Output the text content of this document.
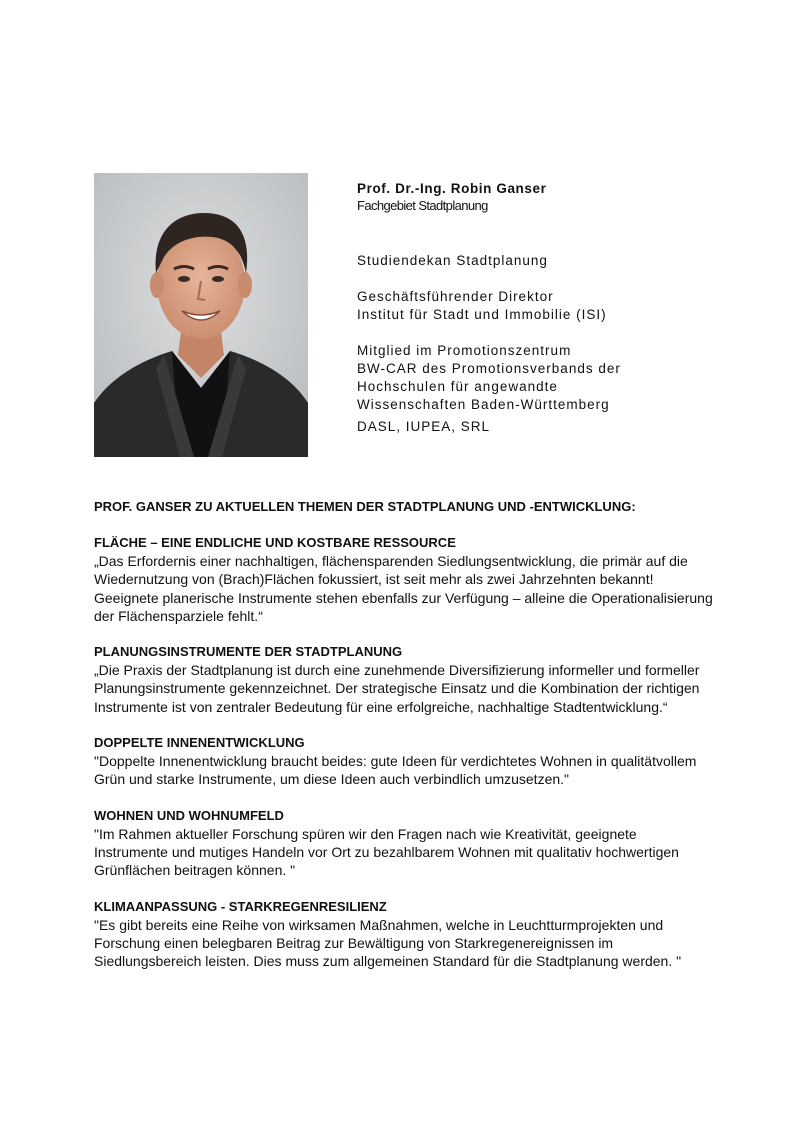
Prof. Dr.-Ing. Robin Ganser
Fachgebiet Stadtplanung
Studiendekan Stadtplanung
Geschäftsführender Direktor
Institut für Stadt und Immobilie (ISI)
Mitglied im Promotionszentrum
BW-CAR des Promotionsverbands der
Hochschulen für angewandte
Wissenschaften Baden-Württemberg
DASL, IUPEA, SRL
PROF. GANSER ZU AKTUELLEN THEMEN DER STADTPLANUNG UND -ENTWICKLUNG:
FLÄCHE – EINE ENDLICHE UND KOSTBARE RESSOURCE
„Das Erfordernis einer nachhaltigen, flächensparenden Siedlungsentwicklung, die primär auf die Wiedernutzung von (Brach)Flächen fokussiert, ist seit mehr als zwei Jahrzehnten bekannt! Geeignete planerische Instrumente stehen ebenfalls zur Verfügung – alleine die Operationalisierung der Flächensparziele fehlt.“
PLANUNGSINSTRUMENTE DER STADTPLANUNG
„Die Praxis der Stadtplanung ist durch eine zunehmende Diversifizierung informeller und formeller Planungsinstrumente gekennzeichnet. Der strategische Einsatz und die Kombination der richtigen Instrumente ist von zentraler Bedeutung für eine erfolgreiche, nachhaltige Stadtentwicklung.“
DOPPELTE INNENENTWICKLUNG
"Doppelte Innenentwicklung braucht beides: gute Ideen für verdichtetes Wohnen in qualitätvollem Grün und starke Instrumente, um diese Ideen auch verbindlich umzusetzen."
WOHNEN UND WOHNUMFELD
"Im Rahmen aktueller Forschung spüren wir den Fragen nach wie Kreativität, geeignete Instrumente und mutiges Handeln vor Ort zu bezahlbarem Wohnen mit qualitativ hochwertigen Grünflächen beitragen können. "
KLIMAANPASSUNG - STARKREGENRESILIENZ
"Es gibt bereits eine Reihe von wirksamen Maßnahmen, welche in Leuchtturmprojekten und Forschung einen belegbaren Beitrag zur Bewältigung von Starkregenereignissen im Siedlungsbereich leisten. Dies muss zum allgemeinen Standard für die Stadtplanung werden. "
